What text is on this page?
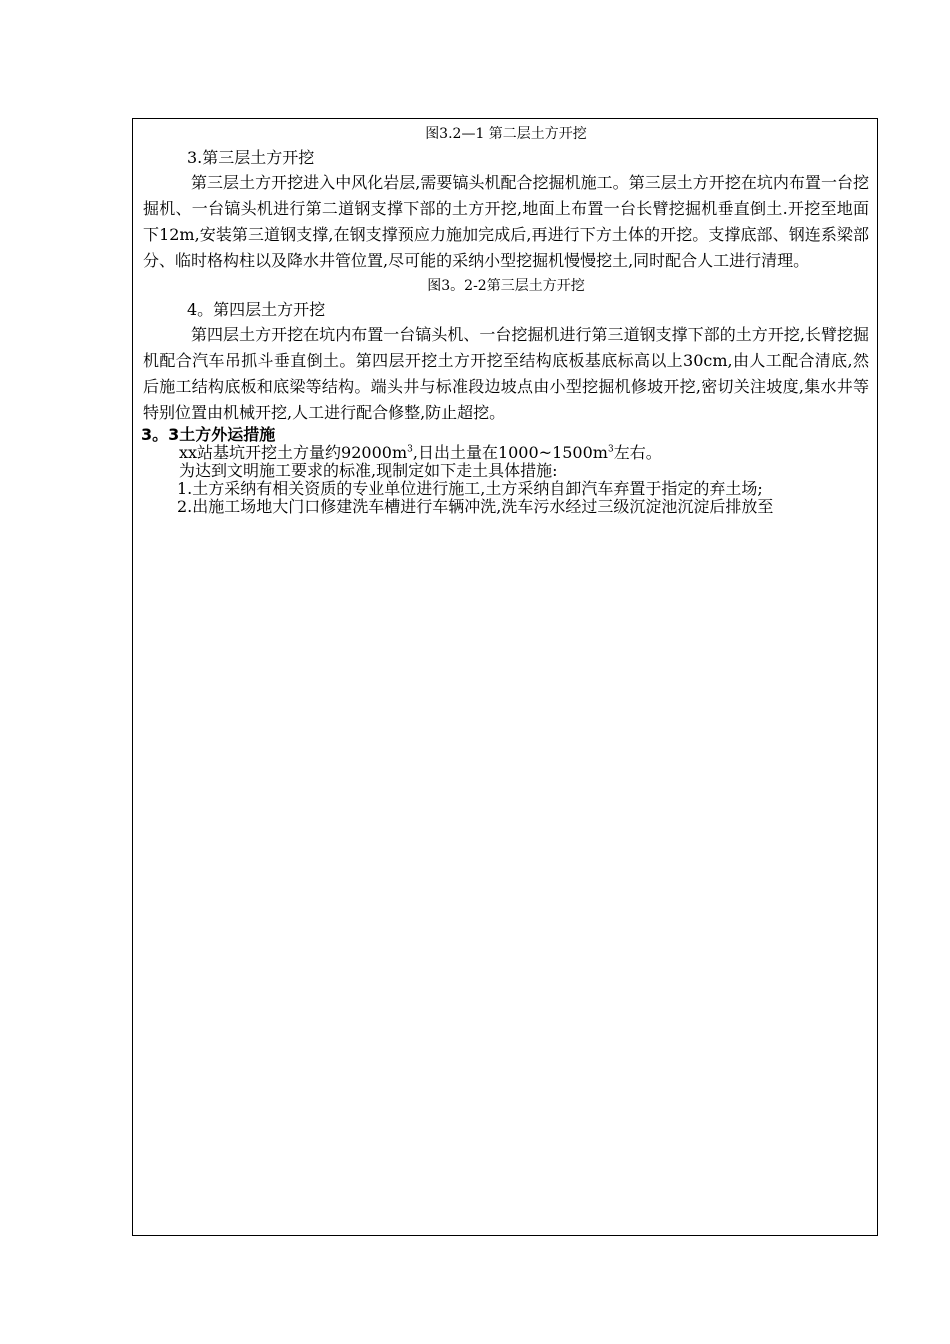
图3.2—1 第二层土方开挖
3.第三层土方开挖
第三层土方开挖进入中风化岩层,需要镐头机配合挖掘机施工。第三层土方开挖在坑内布置一台挖掘机、一台镐头机进行第二道钢支撑下部的土方开挖,地面上布置一台长臂挖掘机垂直倒土.开挖至地面下12m,安装第三道钢支撑,在钢支撑预应力施加完成后,再进行下方土体的开挖。支撑底部、钢连系梁部分、临时格构柱以及降水井管位置,尽可能的采纳小型挖掘机慢慢挖土,同时配合人工进行清理。
图3。2-2第三层土方开挖
4。第四层土方开挖
第四层土方开挖在坑内布置一台镐头机、一台挖掘机进行第三道钢支撑下部的土方开挖,长臂挖掘机配合汽车吊抓斗垂直倒土。第四层开挖土方开挖至结构底板基底标高以上30cm,由人工配合清底,然后施工结构底板和底梁等结构。端头井与标准段边坡点由小型挖掘机修坡开挖,密切关注坡度,集水井等特别位置由机械开挖,人工进行配合修整,防止超挖。
3。3土方外运措施
xx站基坑开挖土方量约$92000m^3$,日出土量在$1000\sim 1500m^3$左右。
为达到文明施工要求的标准,现制定如下走土具体措施:
1.土方采纳有相关资质的专业单位进行施工,土方采纳自卸汽车弃置于指定的弃土场;
2.出施工场地大门口修建洗车槽进行车辆冲洗,洗车污水经过三级沉淀池沉淀后排放至
